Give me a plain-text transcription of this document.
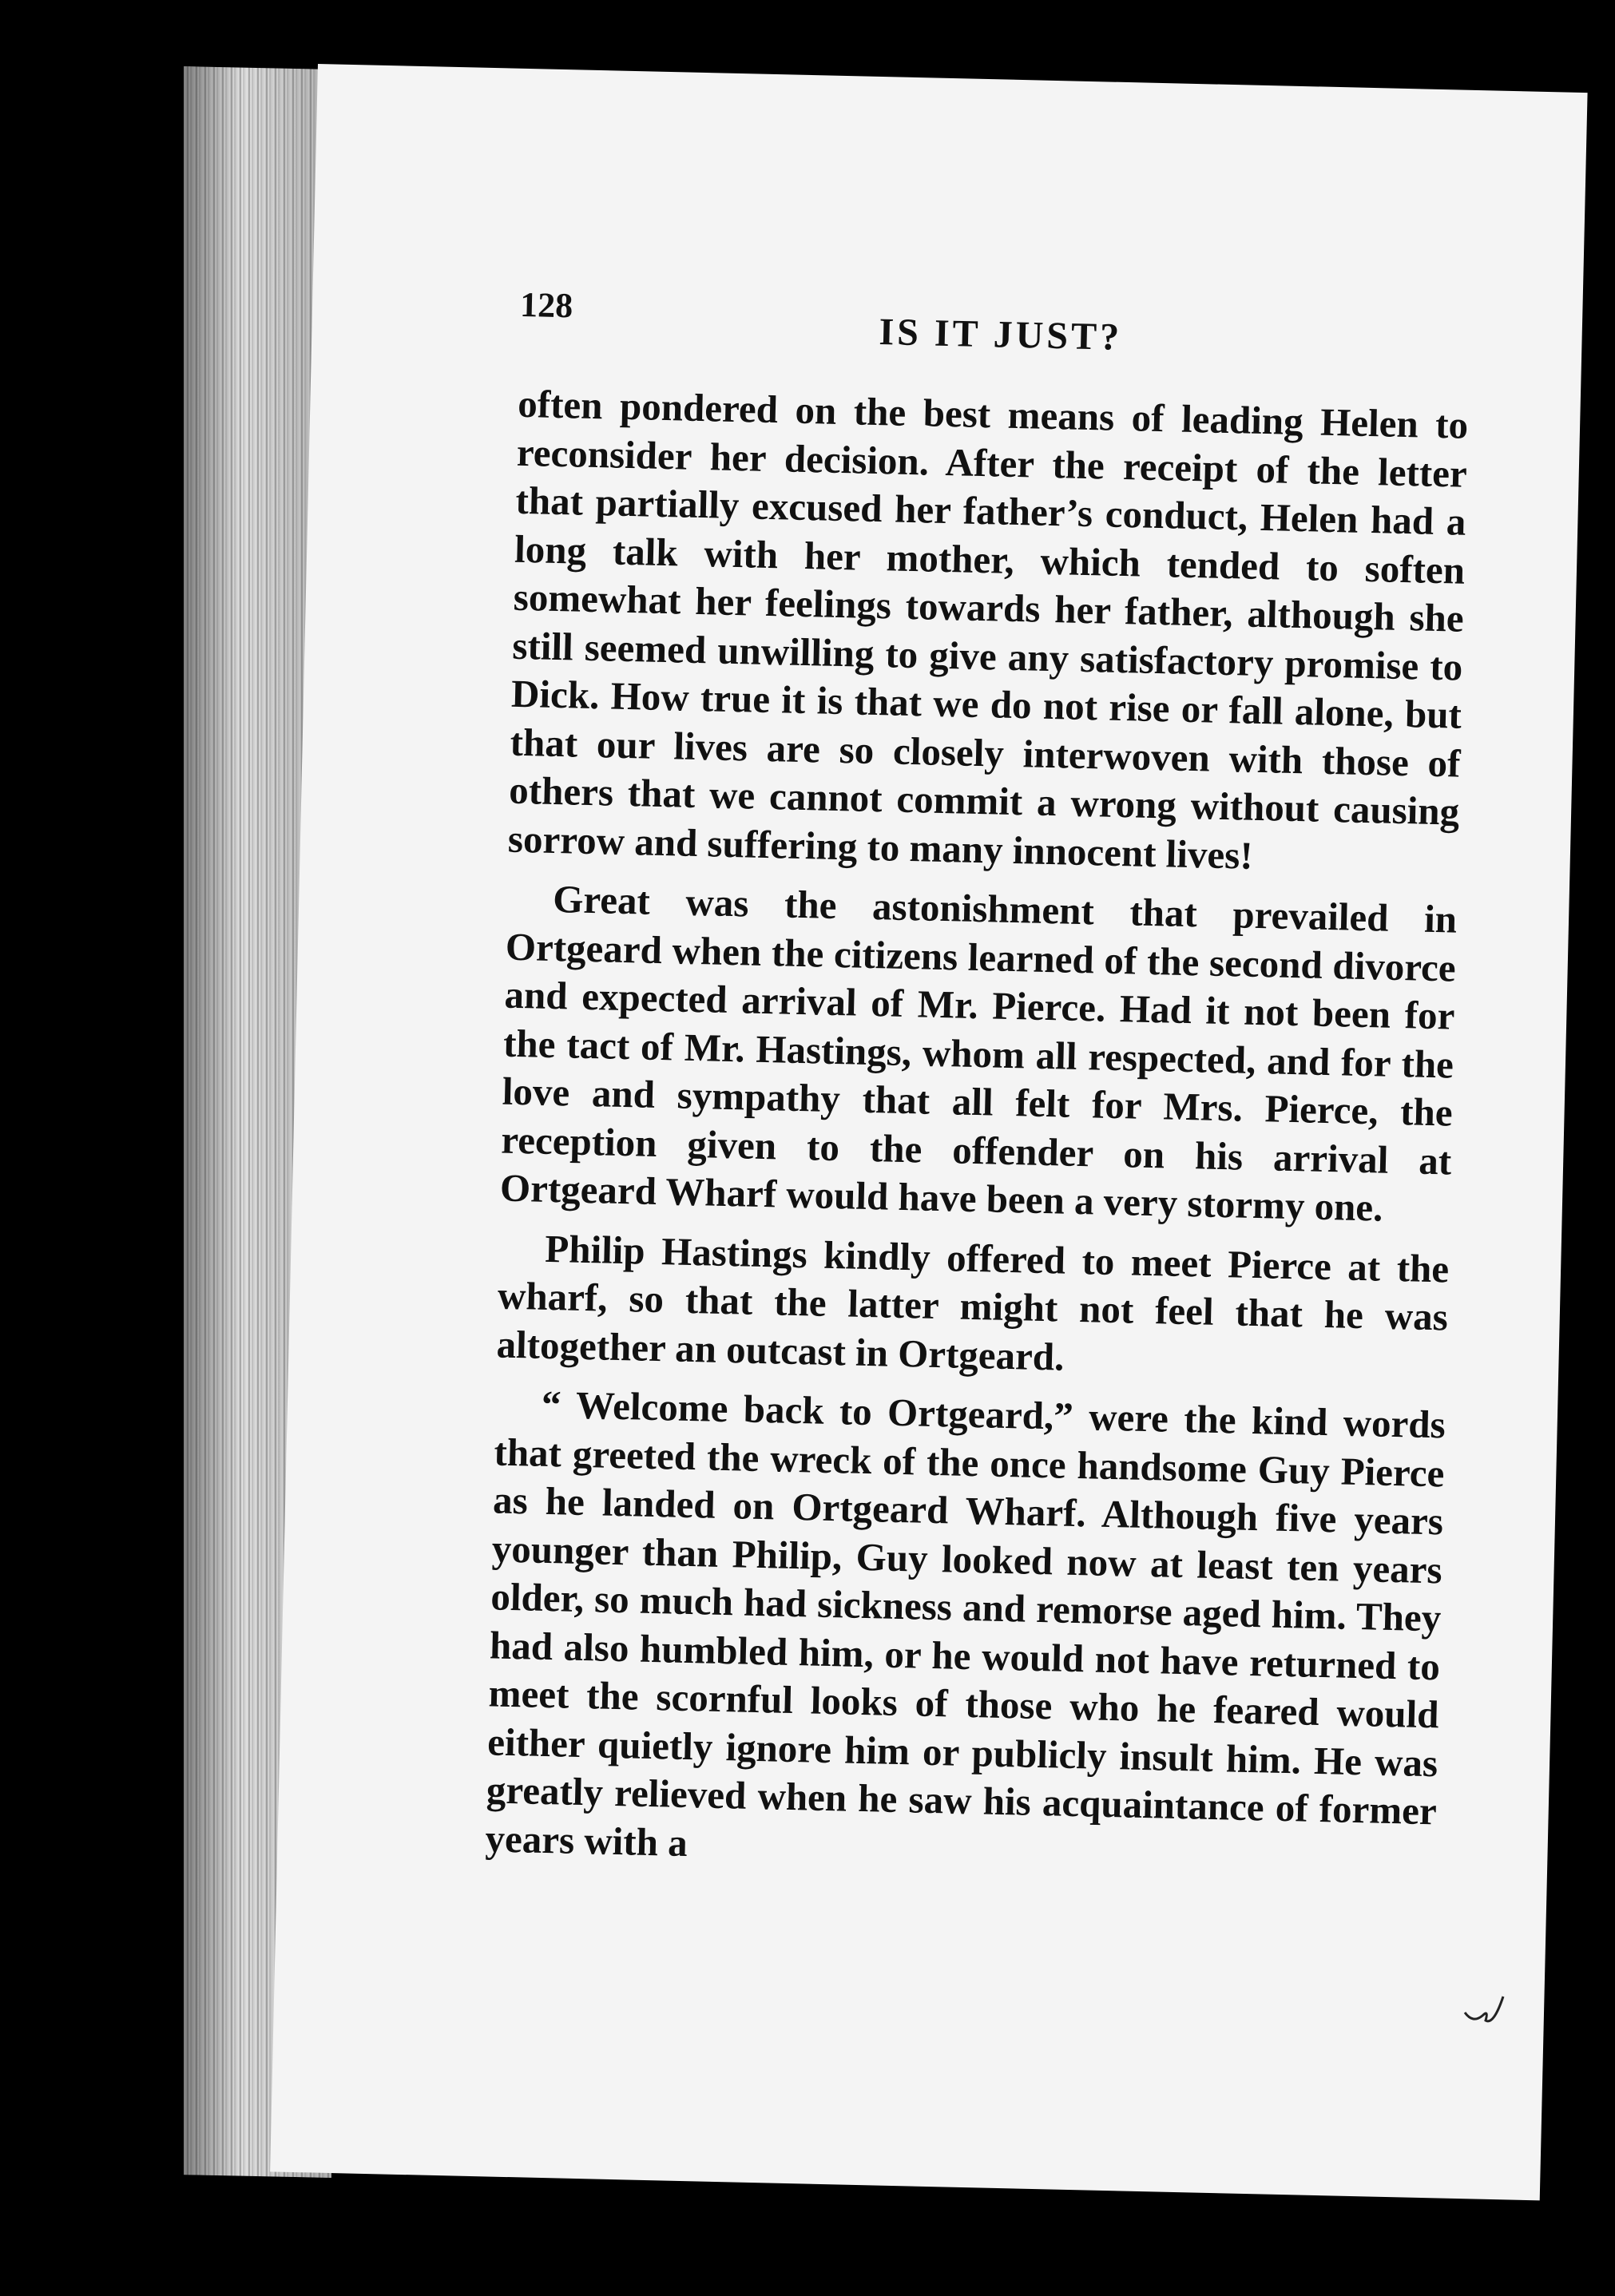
128
IS IT JUST?

often pondered on the best means of leading Helen to reconsider her decision. After the receipt of the letter that partially excused her father’s conduct, Helen had a long talk with her mother, which tended to soften somewhat her feelings towards her father, although she still seemed unwilling to give any satisfactory promise to Dick. How true it is that we do not rise or fall alone, but that our lives are so closely interwoven with those of others that we cannot commit a wrong without causing sorrow and suffering to many innocent lives!

Great was the astonishment that prevailed in Ortgeard when the citizens learned of the second divorce and expected arrival of Mr. Pierce. Had it not been for the tact of Mr. Hastings, whom all respected, and for the love and sympathy that all felt for Mrs. Pierce, the reception given to the offender on his arrival at Ortgeard Wharf would have been a very stormy one.

Philip Hastings kindly offered to meet Pierce at the wharf, so that the latter might not feel that he was altogether an outcast in Ortgeard.

“ Welcome back to Ortgeard,” were the kind words that greeted the wreck of the once handsome Guy Pierce as he landed on Ortgeard Wharf. Although five years younger than Philip, Guy looked now at least ten years older, so much had sickness and remorse aged him. They had also humbled him, or he would not have returned to meet the scornful looks of those who he feared would either quietly ignore him or publicly insult him. He was greatly relieved when he saw his acquaintance of former years with a
